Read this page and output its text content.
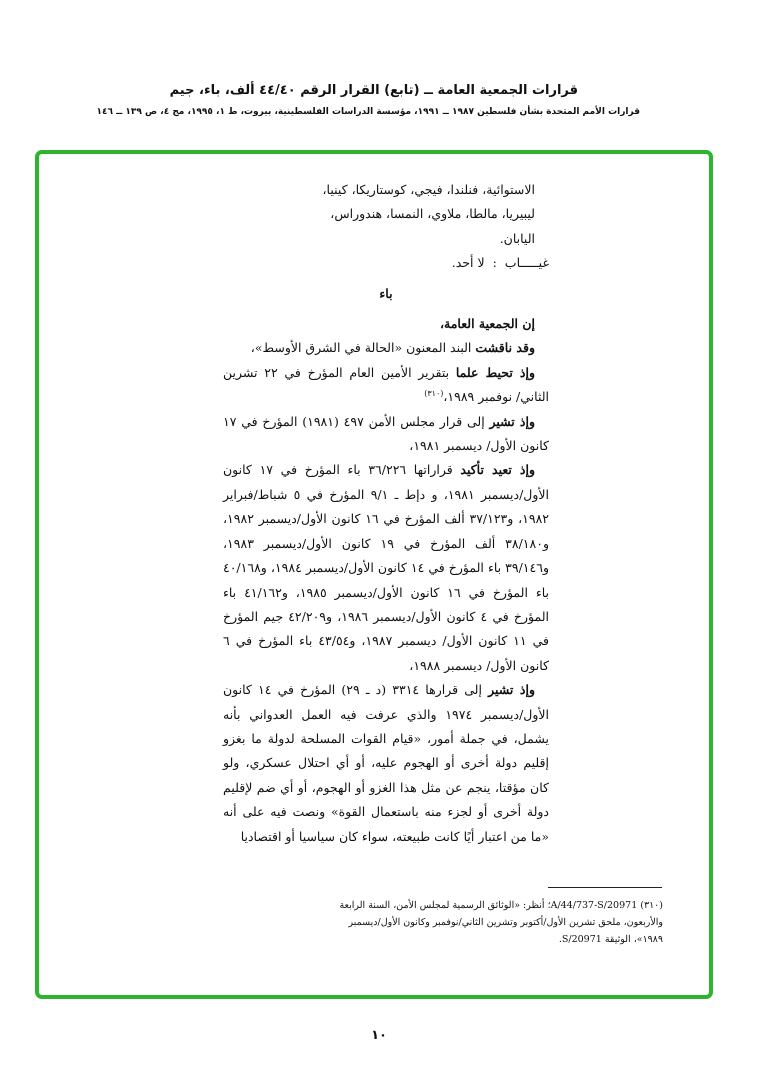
قرارات الجمعية العامة ــ (تابع) القرار الرقم ٤٤/٤٠ ألف، باء، جيم

قرارات الأمم المتحدة بشأن فلسطين ١٩٨٧ ــ ١٩٩١، مؤسسة الدراسات الفلسطينية، بيروت، ط ١، ١٩٩٥، مج ٤، ص ١٣٩ ــ ١٤٦

الاستوائية، فنلندا، فيجي، كوستاريكا، كينيا،

ليبيريا، مالطا، ملاوي، النمسا، هندوراس،

اليابان.

غيـــــاب:لا أحد.

باء

إن الجمعية العامة،

وقد ناقشت البند المعنون «الحالة في الشرق الأوسط»،

وإذ تحيط علما بتقرير الأمين العام المؤرخ في ٢٢ تشرين الثاني/ نوفمبر ١٩٨٩،$^{(٣١٠)}$

وإذ تشير إلى قرار مجلس الأمن ٤٩٧ (١٩٨١) المؤرخ في ١٧ كانون الأول/ ديسمبر ١٩٨١،

وإذ تعيد تأكيد قراراتها ٣٦/٢٢٦ باء المؤرخ في ١٧ كانون الأول/ديسمبر ١٩٨١، و دإط ـ ٩/١ المؤرخ في ٥ شباط/فبراير ١٩٨٢، و٣٧/١٢٣ ألف المؤرخ في ١٦ كانون الأول/ديسمبر ١٩٨٢، و٣٨/١٨٠ ألف المؤرخ في ١٩ كانون الأول/ديسمبر ١٩٨٣، و٣٩/١٤٦ باء المؤرخ في ١٤ كانون الأول/ديسمبر ١٩٨٤، و٤٠/١٦٨ باء المؤرخ في ١٦ كانون الأول/ديسمبر ١٩٨٥، و٤١/١٦٢ باء المؤرخ في ٤ كانون الأول/ديسمبر ١٩٨٦، و٤٢/٢٠٩ جيم المؤرخ في ١١ كانون الأول/ ديسمبر ١٩٨٧، و٤٣/٥٤ باء المؤرخ في ٦ كانون الأول/ ديسمبر ١٩٨٨،

وإذ تشير إلى قرارها ٣٣١٤ (د ـ ٢٩) المؤرخ في ١٤ كانون الأول/ديسمبر ١٩٧٤ والذي عرفت فيه العمل العدواني بأنه يشمل، في جملة أمور، «قيام القوات المسلحة لدولة ما بغزو إقليم دولة أخرى أو الهجوم عليه، أو أي احتلال عسكري، ولو كان مؤقتا، ينجم عن مثل هذا الغزو أو الهجوم، أو أي ضم لإقليم دولة أخرى أو لجزء منه باستعمال القوة» ونصت فيه على أنه «ما من اعتبار أيًا كانت طبيعته، سواء كان سياسيا أو اقتصاديا

(٣١٠) A/44/737-S/20971؛ أنظر: «الوثائق الرسمية لمجلس الأمن، السنة الرابعة والأربعون، ملحق تشرين الأول/أكتوبر وتشرين الثاني/نوفمبر وكانون الأول/ديسمبر ١٩٨٩»، الوثيقة S/20971.

١٠
